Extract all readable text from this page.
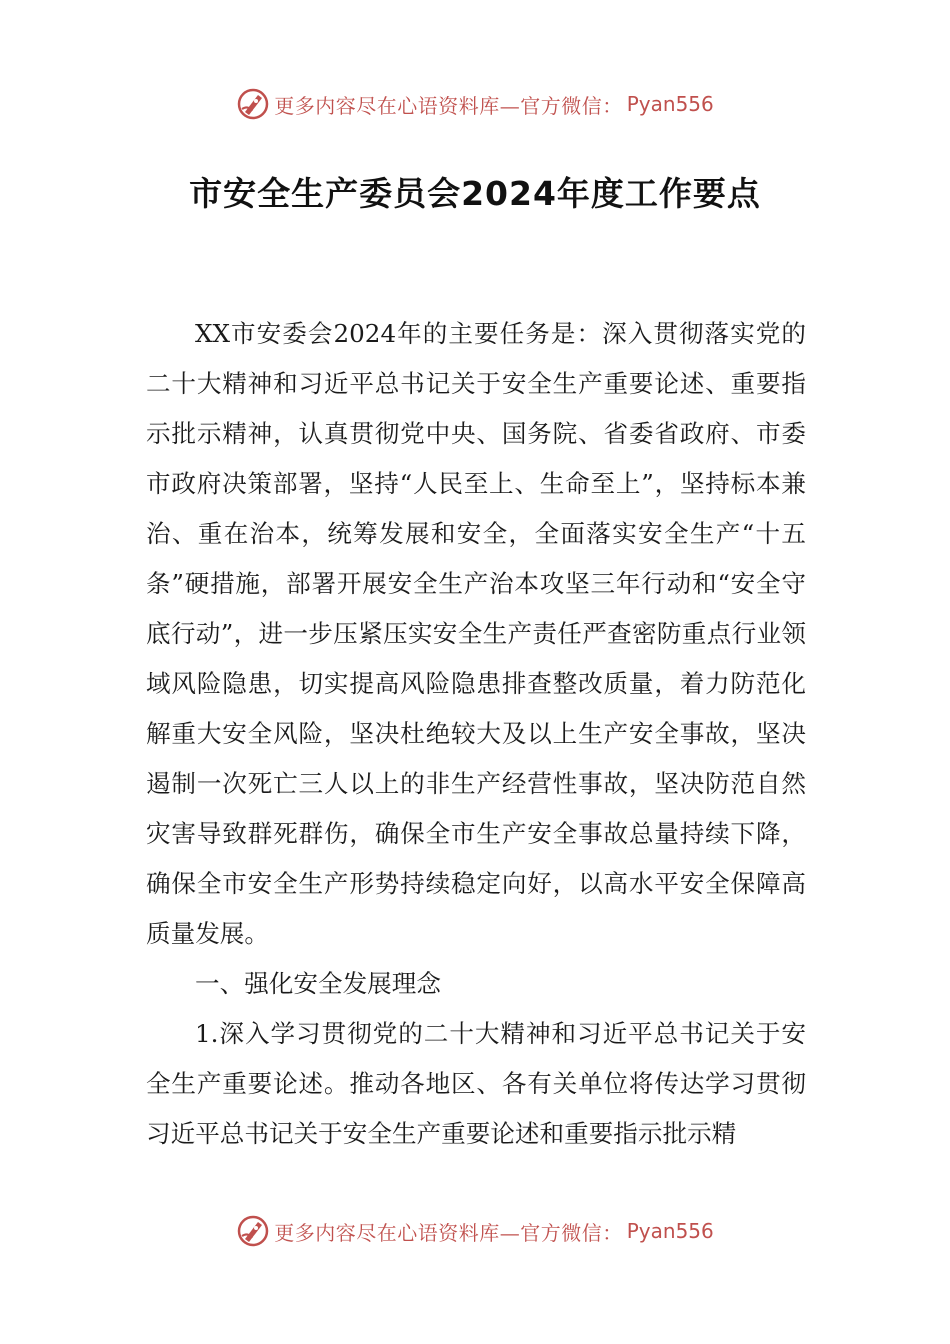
更多内容尽在心语资料库—官方微信： Pyan556
市安全生产委员会2024年度工作要点

XX市安委会2024年的主要任务是：深入贯彻落实党的二十大精神和习近平总书记关于安全生产重要论述、重要指示批示精神，认真贯彻党中央、国务院、省委省政府、市委市政府决策部署，坚持“人民至上、生命至上”，坚持标本兼治、重在治本，统筹发展和安全，全面落实安全生产“十五条”硬措施，部署开展安全生产治本攻坚三年行动和“安全守底行动”，进一步压紧压实安全生产责任严查密防重点行业领域风险隐患，切实提高风险隐患排查整改质量，着力防范化解重大安全风险，坚决杜绝较大及以上生产安全事故，坚决遏制一次死亡三人以上的非生产经营性事故，坚决防范自然灾害导致群死群伤，确保全市生产安全事故总量持续下降，确保全市安全生产形势持续稳定向好，以高水平安全保障高质量发展。

一、强化安全发展理念

1.深入学习贯彻党的二十大精神和习近平总书记关于安全生产重要论述。推动各地区、各有关单位将传达学习贯彻习近平总书记关于安全生产重要论述和重要指示批示精

更多内容尽在心语资料库—官方微信： Pyan556
